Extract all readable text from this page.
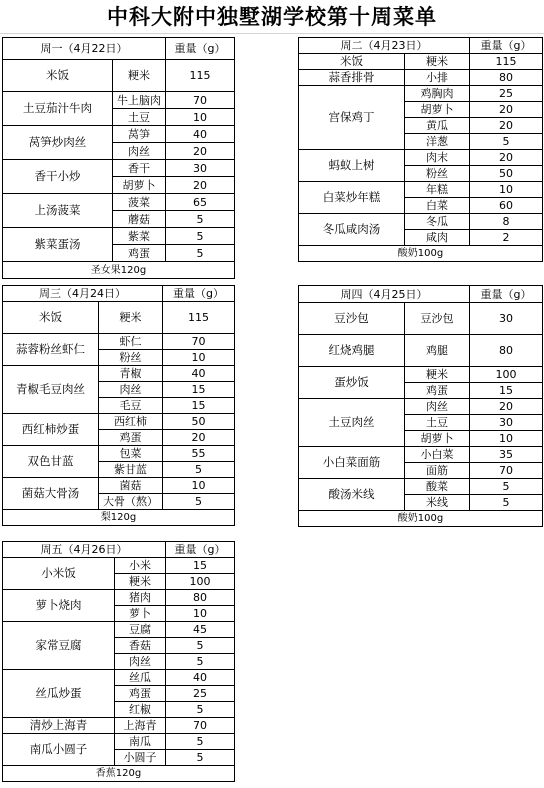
中科大附中独墅湖学校第十周菜单
周一（4月22日）		重量（g）
米饭	粳米	115
土豆茄汁牛肉	牛上脑肉	70
	土豆	10
莴笋炒肉丝	莴笋	40
	肉丝	20
香干小炒	香干	30
	胡萝卜	20
上汤菠菜	菠菜	65
	蘑菇	5
紫菜蛋汤	紫菜	5
	鸡蛋	5
圣女果120g		
周二（4月23日）		重量（g）
米饭	粳米	115
蒜香排骨	小排	80
宫保鸡丁	鸡胸肉	25
	胡萝卜	20
	黄瓜	20
	洋葱	5
蚂蚁上树	肉末	20
	粉丝	50
白菜炒年糕	年糕	10
	白菜	60
冬瓜咸肉汤	冬瓜	8
	咸肉	2
酸奶100g		
周三（4月24日）		重量（g）
米饭	粳米	115
蒜蓉粉丝虾仁	虾仁	70
	粉丝	10
青椒毛豆肉丝	青椒	40
	肉丝	15
	毛豆	15
西红柿炒蛋	西红柿	50
	鸡蛋	20
双色甘蓝	包菜	55
	紫甘蓝	5
菌菇大骨汤	菌菇	10
	大骨（熬）	5
梨120g		
周四（4月25日）		重量（g）
豆沙包	豆沙包	30
红烧鸡腿	鸡腿	80
蛋炒饭	粳米	100
	鸡蛋	15
土豆肉丝	肉丝	20
	土豆	30
	胡萝卜	10
小白菜面筋	小白菜	35
	面筋	70
酸汤米线	酸菜	5
	米线	5
酸奶100g		
周五（4月26日）		重量（g）
小米饭	小米	15
	粳米	100
萝卜烧肉	猪肉	80
	萝卜	10
家常豆腐	豆腐	45
	香菇	5
	肉丝	5
丝瓜炒蛋	丝瓜	40
	鸡蛋	25
	红椒	5
清炒上海青	上海青	70
南瓜小圆子	南瓜	5
	小圆子	5
香蕉120g		
